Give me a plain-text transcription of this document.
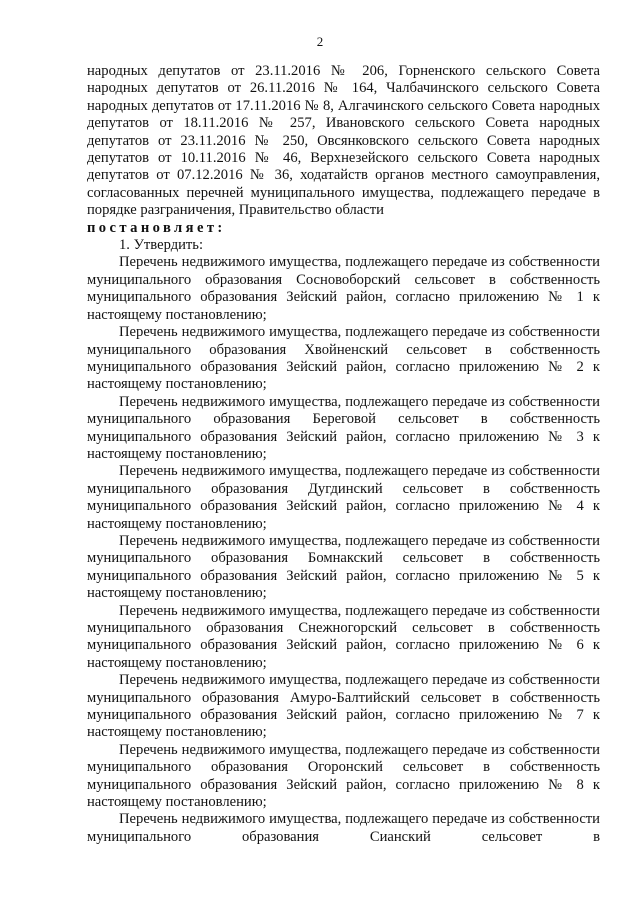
2

народных депутатов от 23.11.2016 № 206, Горненского сельского Совета народных депутатов от 26.11.2016 № 164, Чалбачинского сельского Совета народных депутатов от 17.11.2016 № 8, Алгачинского сельского Совета народных депутатов от 18.11.2016 № 257, Ивановского сельского Совета народных депутатов от 23.11.2016 № 250, Овсянковского сельского Совета народных депутатов от 10.11.2016 № 46, Верхнезейского сельского Совета народных депутатов от 07.12.2016 № 36, ходатайств органов местного самоуправления, согласованных перечней муниципального имущества, подлежащего передаче в порядке разграничения, Правительство области

постановляет:

1. Утвердить:

Перечень недвижимого имущества, подлежащего передаче из собственности муниципального образования Сосновоборский сельсовет в собственность муниципального образования Зейский район, согласно приложению № 1 к настоящему постановлению;

Перечень недвижимого имущества, подлежащего передаче из собственности муниципального образования Хвойненский сельсовет в собственность муниципального образования Зейский район, согласно приложению № 2 к настоящему постановлению;

Перечень недвижимого имущества, подлежащего передаче из собственности муниципального образования Береговой сельсовет в собственность муниципального образования Зейский район, согласно приложению № 3 к настоящему постановлению;

Перечень недвижимого имущества, подлежащего передаче из собственности муниципального образования Дугдинский сельсовет в собственность муниципального образования Зейский район, согласно приложению № 4 к настоящему постановлению;

Перечень недвижимого имущества, подлежащего передаче из собственности муниципального образования Бомнакский сельсовет в собственность муниципального образования Зейский район, согласно приложению № 5 к настоящему постановлению;

Перечень недвижимого имущества, подлежащего передаче из собственности муниципального образования Снежногорский сельсовет в собственность муниципального образования Зейский район, согласно приложению № 6 к настоящему постановлению;

Перечень недвижимого имущества, подлежащего передаче из собственности муниципального образования Амуро-Балтийский сельсовет в собственность муниципального образования Зейский район, согласно приложению № 7 к настоящему постановлению;

Перечень недвижимого имущества, подлежащего передаче из собственности муниципального образования Огоронский сельсовет в собственность муниципального образования Зейский район, согласно приложению № 8 к настоящему постановлению;

Перечень недвижимого имущества, подлежащего передаче из собственности муниципального образования Сианский сельсовет в
